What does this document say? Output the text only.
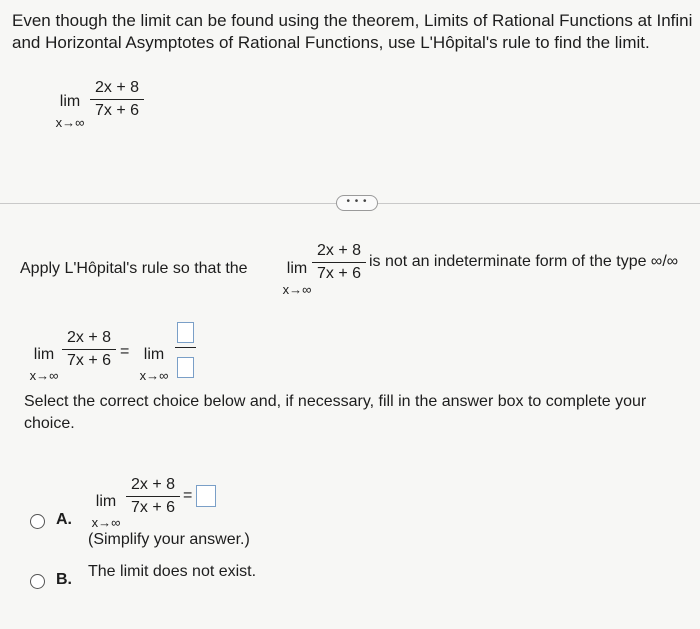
Even though the limit can be found using the theorem, Limits of Rational Functions at Infini
and Horizontal Asymptotes of Rational Functions, use L'Hôpital's rule to find the limit.
lim
x→∞
2x + 8
7x + 6
• • •
Apply L'Hôpital's rule so that the	lim
x→∞
2x + 8
7x + 6
is not an indeterminate form of the type ∞/∞
lim
x→∞
2x + 8
7x + 6
= lim
x→∞
Select the correct choice below and, if necessary, fill in the answer box to complete your
choice.
A.
lim
x→∞
2x + 8
7x + 6
=
(Simplify your answer.)
B. The limit does not exist.
